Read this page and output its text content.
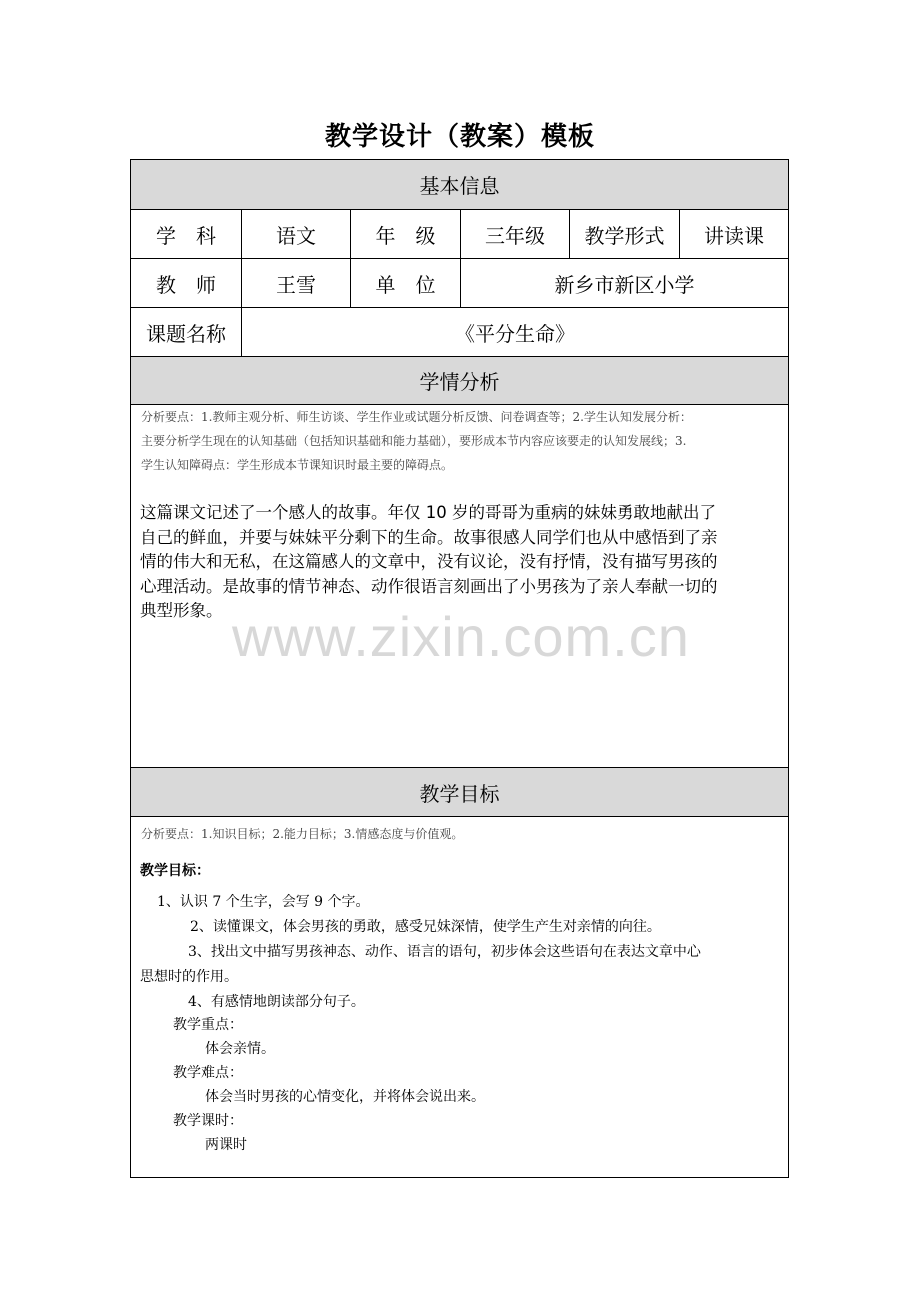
教学设计（教案）模板
基本信息
学　科	语文	年　级	三年级	教学形式	讲读课
教　师	王雪	单　位	新乡市新区小学
课题名称	《平分生命》
学情分析
分析要点：1.教师主观分析、师生访谈、学生作业或试题分析反馈、问卷调查等；2.学生认知发展分析：
主要分析学生现在的认知基础（包括知识基础和能力基础），要形成本节内容应该要走的认知发展线；3.
学生认知障碍点：学生形成本节课知识时最主要的障碍点。
这篇课文记述了一个感人的故事。年仅 10 岁的哥哥为重病的妹妹勇敢地献出了
自己的鲜血，并要与妹妹平分剩下的生命。故事很感人同学们也从中感悟到了亲
情的伟大和无私，在这篇感人的文章中，没有议论，没有抒情，没有描写男孩的
心理活动。是故事的情节神态、动作很语言刻画出了小男孩为了亲人奉献一切的
典型形象。
教学目标
分析要点：1.知识目标；2.能力目标；3.情感态度与价值观。
教学目标：
1、认识 7 个生字，会写 9 个字。
2、读懂课文，体会男孩的勇敢，感受兄妹深情，使学生产生对亲情的向往。
3、找出文中描写男孩神态、动作、语言的语句，初步体会这些语句在表达文章中心
思想时的作用。
4、有感情地朗读部分句子。
教学重点：
体会亲情。
教学难点：
体会当时男孩的心情变化，并将体会说出来。
教学课时：
两课时
www.zixin.com.cn
